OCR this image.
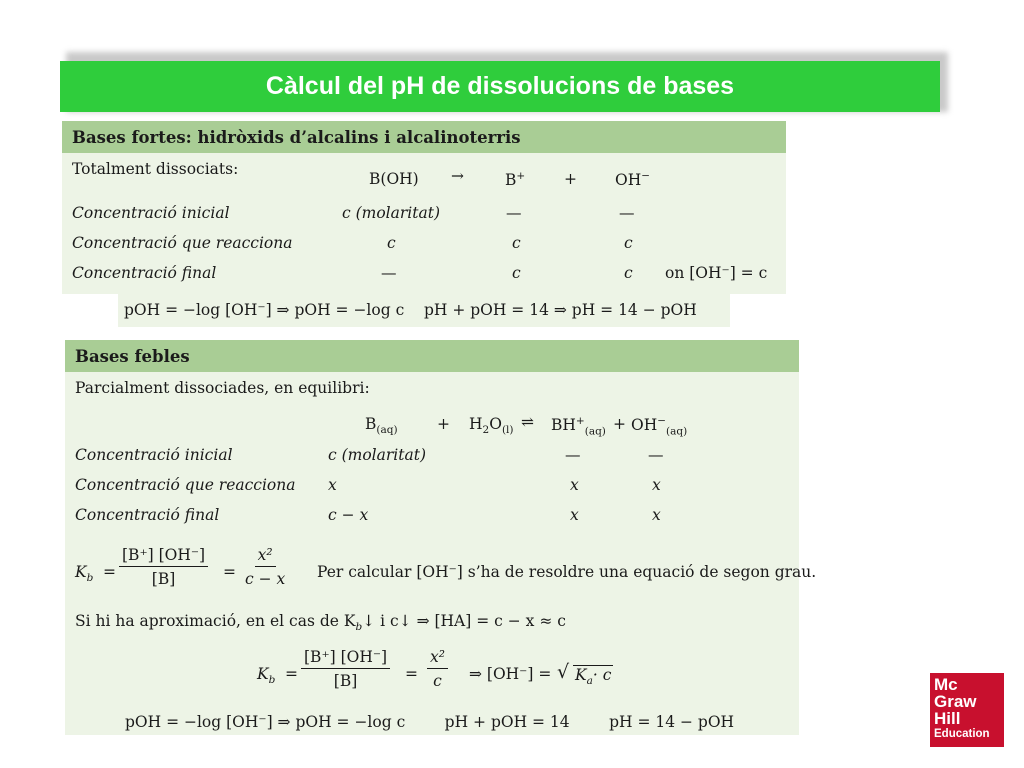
Càlcul del pH de dissolucions de bases
Bases fortes: hidròxids d’alcalins i alcalinoterris
Totalment dissociats:
B(OH) →	B+	+ OH−
Concentració inicial	c (molaritat)	—	—
Concentració que reacciona	c	c	c
Concentració final	—	c	c on [OH⁻] = c
pOH = −log [OH⁻] ⇒ pOH = −log c    pH + pOH = 14 ⇒ pH = 14 − pOH
Bases febles
Parcialment dissociades, en equilibri:
$B_{(aq)}$	+ $H_2O_{(l)}$ ⇌ $BH^+_{(aq)} + OH^-_{(aq)}$
Concentració inicial	c (molaritat)	—	—
Concentració que reacciona x	x	x
Concentració final	c − x	x	x
$K_b = \frac{[B^+] [OH^-]}{[B]} = \frac{\text{x²}}{c - x}$ Per calcular [OH⁻] s’ha de resoldre una equació de segon grau.
Si hi ha aproximació, en el cas de $K_b↓$ i c↓ ⇒ [HA] = c − x ≈ c
$K_b = \frac{[B^+] [OH^-]}{[B]} = \frac{\text{x²}}{c}$ ⇒ [OH⁻] = √ $K_a\cdot c$
pOH = −log [OH⁻] ⇒ pOH = −log c        pH + pOH = 14        pH = 14 − pOH
Mc
Graw
Hill
Education
